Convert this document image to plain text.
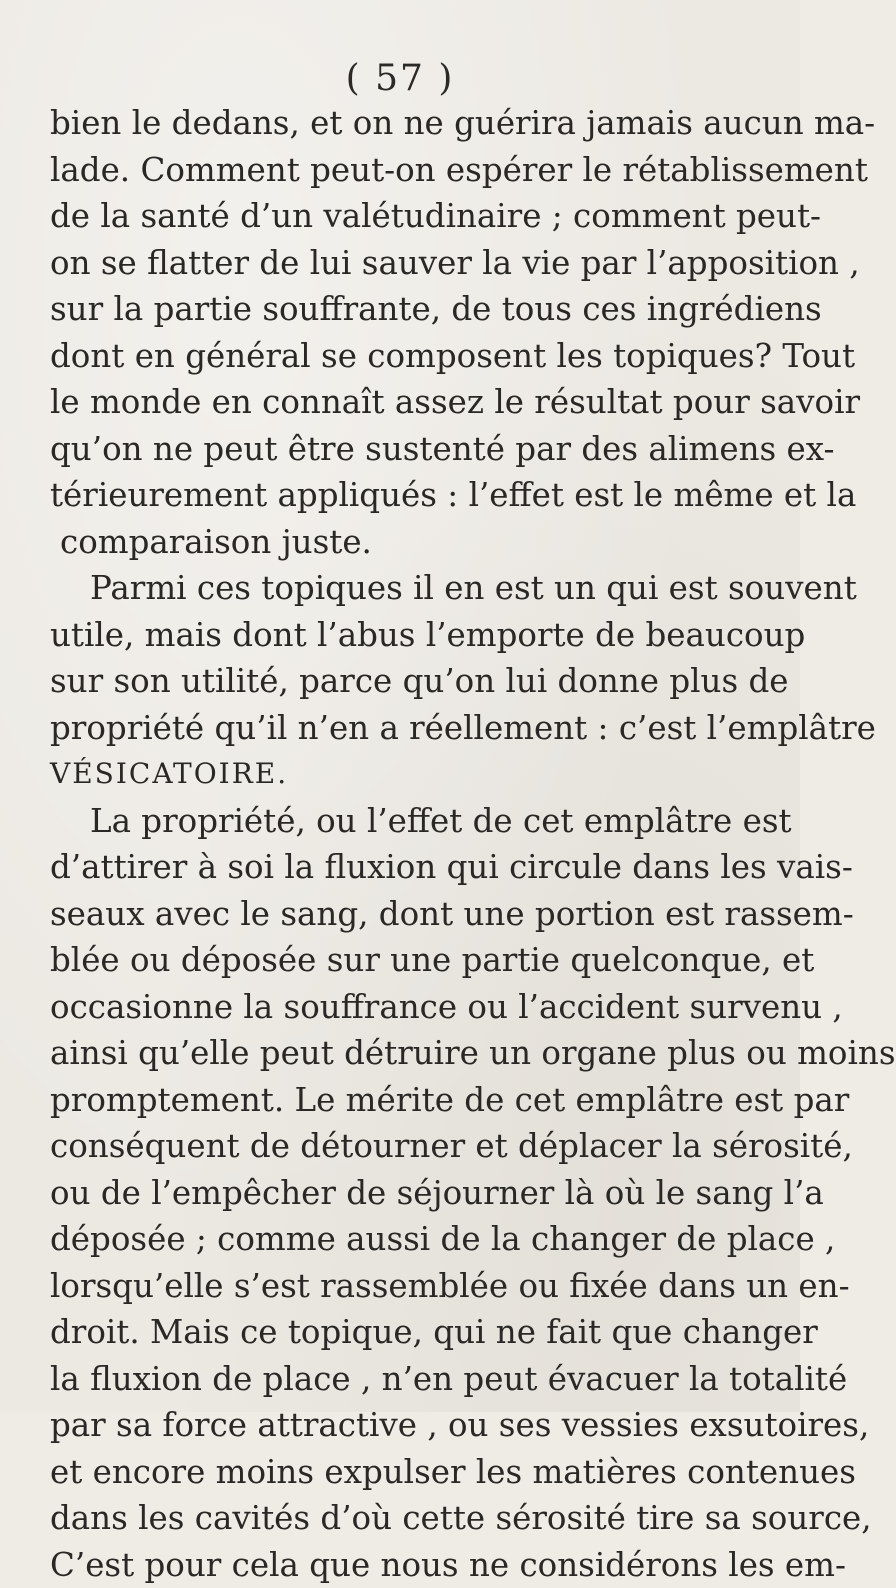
( 57 )
bien le dedans, et on ne guérira jamais aucun ma-
lade. Comment peut-on espérer le rétablissement
de la santé d’un valétudinaire ; comment peut-
on se flatter de lui sauver la vie par l’apposition ,
sur la partie souffrante, de tous ces ingrédiens
dont en général se composent les topiques? Tout
le monde en connaît assez le résultat pour savoir
qu’on ne peut être sustenté par des alimens ex-
térieurement appliqués : l’effet est le même et la
comparaison juste.
Parmi ces topiques il en est un qui est souvent
utile, mais dont l’abus l’emporte de beaucoup
sur son utilité, parce qu’on lui donne plus de
propriété qu’il n’en a réellement : c’est l’emplâtre
VÉSICATOIRE.
La propriété, ou l’effet de cet emplâtre est
d’attirer à soi la fluxion qui circule dans les vais-
seaux avec le sang, dont une portion est rassem-
blée ou déposée sur une partie quelconque, et
occasionne la souffrance ou l’accident survenu ,
ainsi qu’elle peut détruire un organe plus ou moins
promptement. Le mérite de cet emplâtre est par
conséquent de détourner et déplacer la sérosité,
ou de l’empêcher de séjourner là où le sang l’a
déposée ; comme aussi de la changer de place ,
lorsqu’elle s’est rassemblée ou fixée dans un en-
droit. Mais ce topique, qui ne fait que changer
la fluxion de place , n’en peut évacuer la totalité
par sa force attractive , ou ses vessies exsutoires,
et encore moins expulser les matières contenues
dans les cavités d’où cette sérosité tire sa source,
C’est pour cela que nous ne considérons les em-
